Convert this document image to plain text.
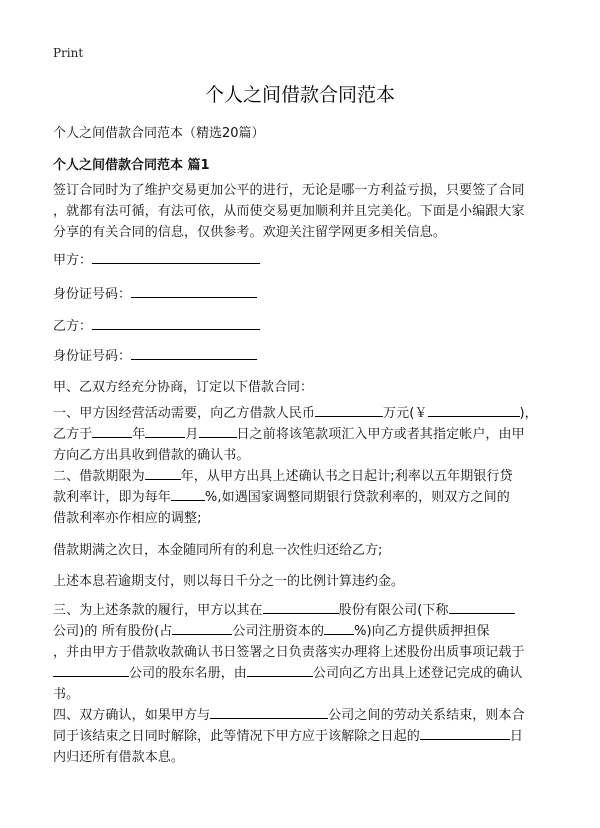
Print
个人之间借款合同范本
个人之间借款合同范本（精选20篇）
个人之间借款合同范本 篇1
签订合同时为了维护交易更加公平的进行，无论是哪一方利益亏损，只要签了合同
，就都有法可循，有法可依，从而使交易更加顺利并且完美化。下面是小编跟大家
分享的有关合同的信息，仅供参考。欢迎关注留学网更多相关信息。
甲方：
身份证号码：
乙方：
身份证号码：
甲、乙双方经充分协商，订定以下借款合同：
一、甲方因经营活动需要，向乙方借款人民币	万元(￥	)，
乙方于	年	月	日之前将该笔款项汇入甲方或者其指定帐户，由甲
方向乙方出具收到借款的确认书。
二、借款期限为	年，从甲方出具上述确认书之日起计;利率以五年期银行贷
款利率计，即为每年	%,如遇国家调整同期银行贷款利率的，则双方之间的
借款利率亦作相应的调整;
借款期满之次日，本金随同所有的利息一次性归还给乙方;
上述本息若逾期支付，则以每日千分之一的比例计算违约金。
三、为上述条款的履行，甲方以其在	股份有限公司(下称
公司)的 所有股份(占	公司注册资本的 %)向乙方提供质押担保
，并由甲方于借款收款确认书日签署之日负责落实办理将上述股份出质事项记载于
公司的股东名册，由	公司向乙方出具上述登记完成的确认
书。
四、双方确认，如果甲方与	公司之间的劳动关系结束，则本合
同于该结束之日同时解除，此等情况下甲方应于该解除之日起的	日
内归还所有借款本息。
